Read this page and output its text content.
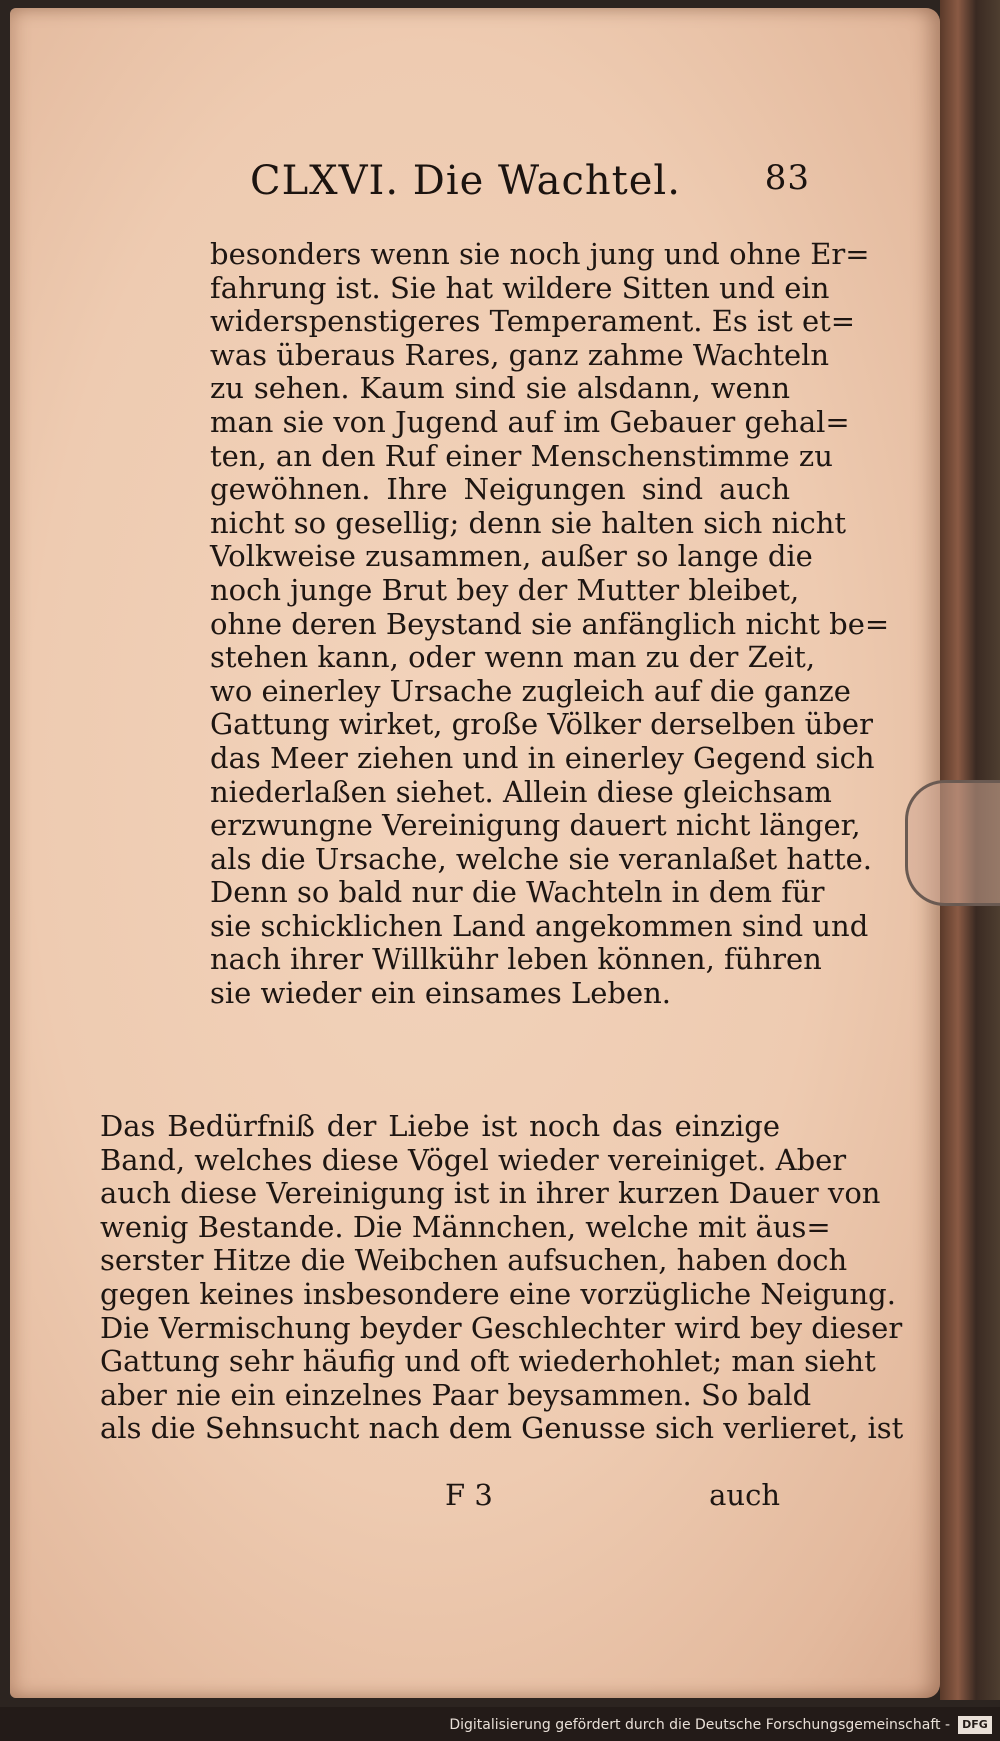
CLXVI. Die Wachtel. 83
besonders wenn sie noch jung und ohne Er=
fahrung ist. Sie hat wildere Sitten und ein
widerspenstigeres Temperament. Es ist et=
was überaus Rares, ganz zahme Wachteln
zu sehen. Kaum sind sie alsdann, wenn
man sie von Jugend auf im Gebauer gehal=
ten, an den Ruf einer Menschenstimme zu
gewöhnen. Ihre Neigungen sind auch
nicht so gesellig; denn sie halten sich nicht
Volkweise zusammen, außer so lange die
noch junge Brut bey der Mutter bleibet,
ohne deren Beystand sie anfänglich nicht be=
stehen kann, oder wenn man zu der Zeit,
wo einerley Ursache zugleich auf die ganze
Gattung wirket, große Völker derselben über
das Meer ziehen und in einerley Gegend sich
niederlaßen siehet. Allein diese gleichsam
erzwungne Vereinigung dauert nicht länger,
als die Ursache, welche sie veranlaßet hatte.
Denn so bald nur die Wachteln in dem für
sie schicklichen Land angekommen sind und
nach ihrer Willkühr leben können, führen
sie wieder ein einsames Leben.
Das Bedürfniß der Liebe ist noch das einzige
Band, welches diese Vögel wieder vereiniget. Aber
auch diese Vereinigung ist in ihrer kurzen Dauer von
wenig Bestande. Die Männchen, welche mit äus=
serster Hitze die Weibchen aufsuchen, haben doch
gegen keines insbesondere eine vorzügliche Neigung.
Die Vermischung beyder Geschlechter wird bey dieser
Gattung sehr häufig und oft wiederhohlet; man sieht
aber nie ein einzelnes Paar beysammen. So bald
als die Sehnsucht nach dem Genusse sich verlieret, ist
F 3	auch
Digitalisierung gefördert durch die Deutsche Forschungsgemeinschaft -	DFG
